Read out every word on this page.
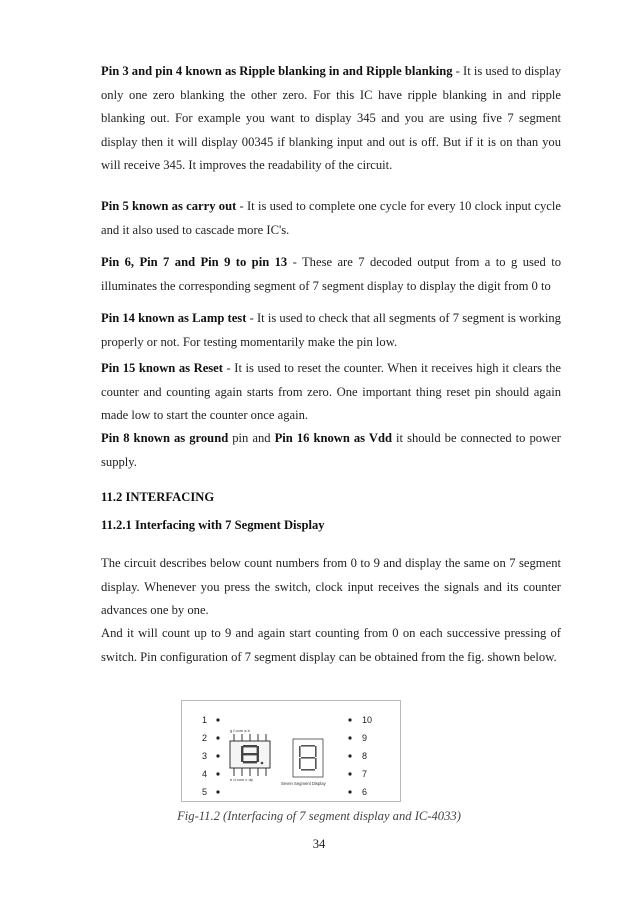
Pin 3 and pin 4 known as Ripple blanking in and Ripple blanking - It is used to display only one zero blanking the other zero. For this IC have ripple blanking in and ripple blanking out. For example you want to display 345 and you are using five 7 segment display then it will display 00345 if blanking input and out is off. But if it is on than you will receive 345. It improves the readability of the circuit.

Pin 5 known as carry out - It is used to complete one cycle for every 10 clock input cycle and it also used to cascade more IC's.

Pin 6, Pin 7 and Pin 9 to pin 13 - These are 7 decoded output from a to g used to illuminates the corresponding segment of 7 segment display to display the digit from 0 to

Pin 14 known as Lamp test - It is used to check that all segments of 7 segment is working properly or not. For testing momentarily make the pin low.

Pin 15 known as Reset - It is used to reset the counter. When it receives high it clears the counter and counting again starts from zero. One important thing reset pin should again made low to start the counter once again.

Pin 8 known as ground pin and Pin 16 known as Vdd it should be connected to power supply.

11.2 INTERFACING
11.2.1 Interfacing with 7 Segment Display

The circuit describes below count numbers from 0 to 9 and display the same on 7 segment display. Whenever you press the switch, clock input receives the signals and its counter advances one by one.

And it will count up to 9 and again start counting from 0 on each successive pressing of switch. Pin configuration of 7 segment display can be obtained from the fig. shown below.

1
2
3
4
5
g f com a b
e d com c dp
Seven Segment Display
10
9
8
7
6
Fig-11.2 (Interfacing of 7 segment display and IC-4033)
34
